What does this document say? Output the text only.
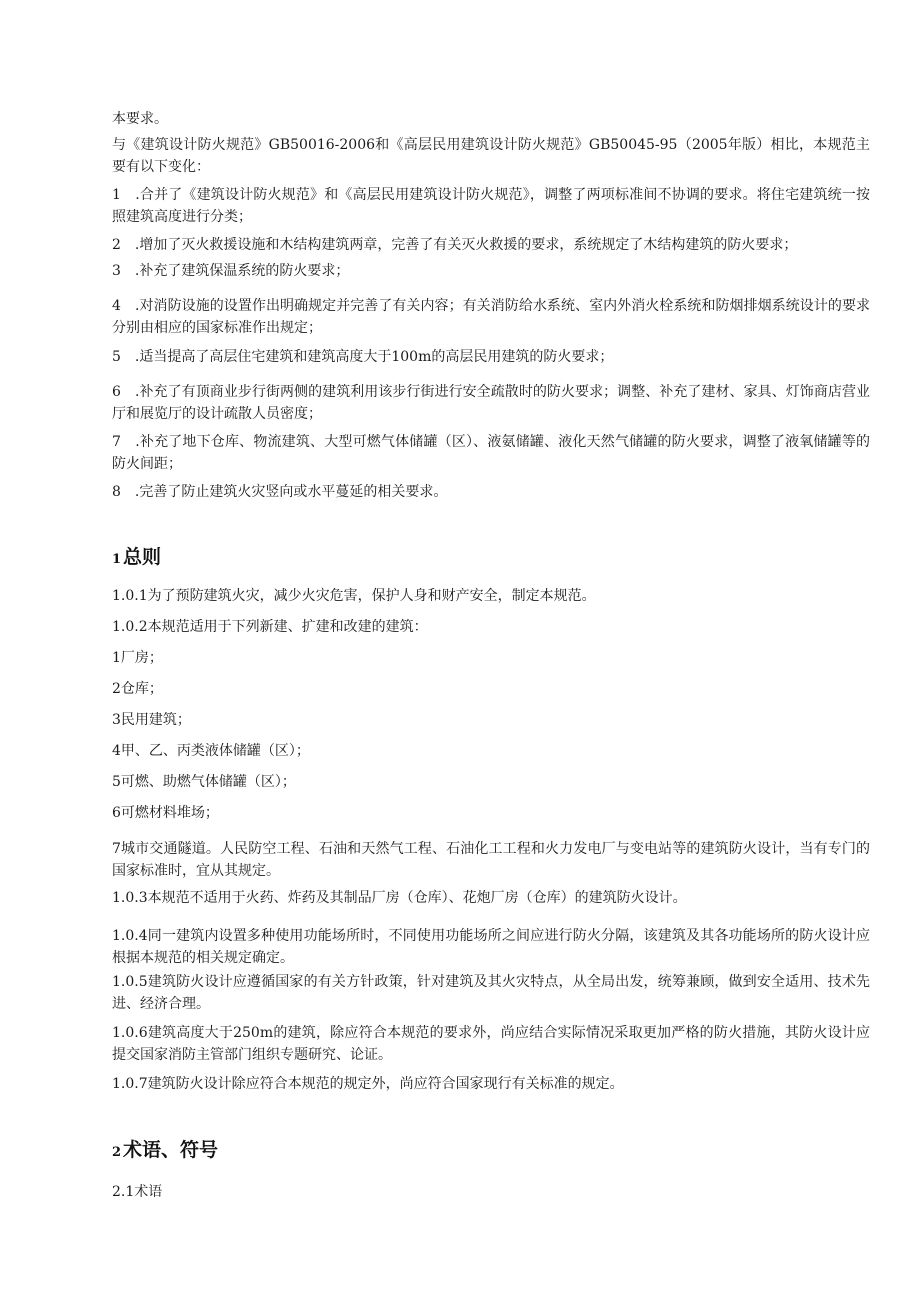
本要求。

与《建筑设计防火规范》GB50016-2006和《高层民用建筑设计防火规范》GB50045-95（2005年版）相比，本规范主要有以下变化：

1　.合并了《建筑设计防火规范》和《高层民用建筑设计防火规范》，调整了两项标准间不协调的要求。将住宅建筑统一按照建筑高度进行分类；

2　.增加了灭火救援设施和木结构建筑两章，完善了有关灭火救援的要求，系统规定了木结构建筑的防火要求；

3　.补充了建筑保温系统的防火要求；

4　.对消防设施的设置作出明确规定并完善了有关内容；有关消防给水系统、室内外消火栓系统和防烟排烟系统设计的要求分别由相应的国家标准作出规定；

5　.适当提高了高层住宅建筑和建筑高度大于100m的高层民用建筑的防火要求；

6　.补充了有顶商业步行街两侧的建筑利用该步行街进行安全疏散时的防火要求；调整、补充了建材、家具、灯饰商店营业厅和展览厅的设计疏散人员密度；

7　.补充了地下仓库、物流建筑、大型可燃气体储罐（区）、液氨储罐、液化天然气储罐的防火要求，调整了液氧储罐等的防火间距；

8　.完善了防止建筑火灾竖向或水平蔓延的相关要求。

1 总则

1.0.1为了预防建筑火灾，减少火灾危害，保护人身和财产安全，制定本规范。

1.0.2本规范适用于下列新建、扩建和改建的建筑：

1厂房；

2仓库；

3民用建筑；

4甲、乙、丙类液体储罐（区）；

5可燃、助燃气体储罐（区）；

6可燃材料堆场；

7城市交通隧道。人民防空工程、石油和天然气工程、石油化工工程和火力发电厂与变电站等的建筑防火设计，当有专门的国家标准时，宜从其规定。

1.0.3本规范不适用于火药、炸药及其制品厂房（仓库）、花炮厂房（仓库）的建筑防火设计。

1.0.4同一建筑内设置多种使用功能场所时，不同使用功能场所之间应进行防火分隔，该建筑及其各功能场所的防火设计应根据本规范的相关规定确定。

1.0.5建筑防火设计应遵循国家的有关方针政策，针对建筑及其火灾特点，从全局出发，统筹兼顾，做到安全适用、技术先进、经济合理。

1.0.6建筑高度大于250m的建筑，除应符合本规范的要求外，尚应结合实际情况采取更加严格的防火措施，其防火设计应提交国家消防主管部门组织专题研究、论证。

1.0.7建筑防火设计除应符合本规范的规定外，尚应符合国家现行有关标准的规定。

2 术语、符号

2.1术语
